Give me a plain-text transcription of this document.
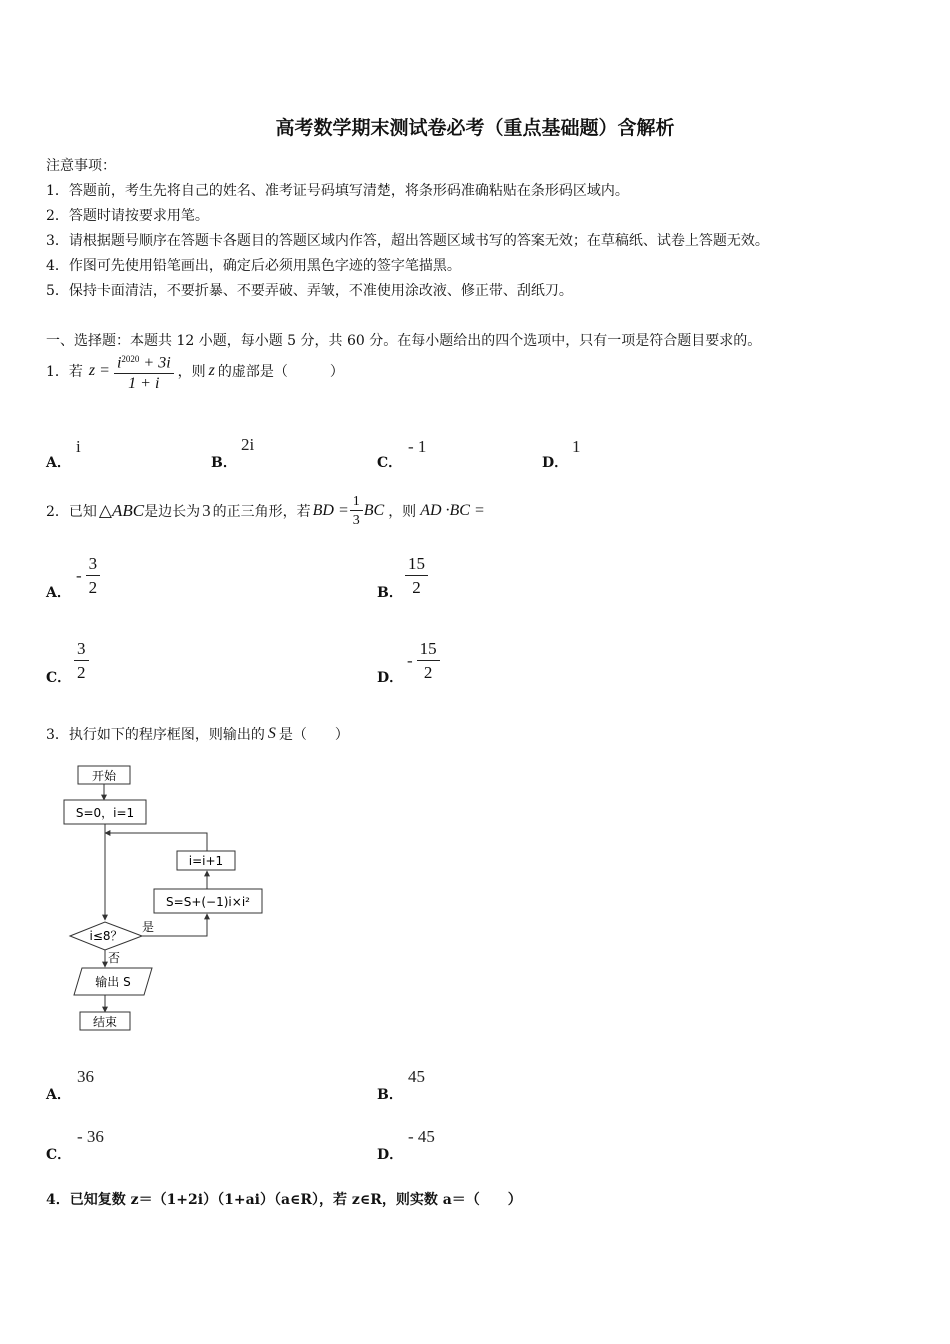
高考数学期末测试卷必考（重点基础题）含解析
注意事项：
1．答题前，考生先将自己的姓名、准考证号码填写清楚，将条形码准确粘贴在条形码区域内。
2．答题时请按要求用笔。
3．请根据题号顺序在答题卡各题目的答题区域内作答，超出答题区域书写的答案无效；在草稿纸、试卷上答题无效。
4．作图可先使用铅笔画出，确定后必须用黑色字迹的签字笔描黑。
5．保持卡面清洁，不要折暴、不要弄破、弄皱，不准使用涂改液、修正带、刮纸刀。
一、选择题：本题共 12 小题，每小题 5 分，共 60 分。在每小题给出的四个选项中，只有一项是符合题目要求的。
1．若 $z = \frac{i^{2020} + 3i}{1 + i}$ ，则 z 的虚部是（　　　）
A．
i
B．
2i
C．
- 1
D．
1
2．已知 △ABC 是边长为 3 的正三角形，若 BD = $\frac{1}{3}$ BC ，则 AD ·BC =
A．
- $\frac{3}{2}$	B． $\frac{15}{2}$
C． $\frac{3}{2}$	D．
- $\frac{15}{2}$
3．执行如下的程序框图，则输出的 S 是（　　）
开始
S=0，i=1
i=i+1
S=S+(−1)i×i²
i≤8？
是
否
输出 S
结束
A．
36
B．
45
C．
- 36
D．
- 45
4．已知复数 z＝（1+2i）（1+ai）（a∈R），若 z∈R，则实数 a＝（　　）
